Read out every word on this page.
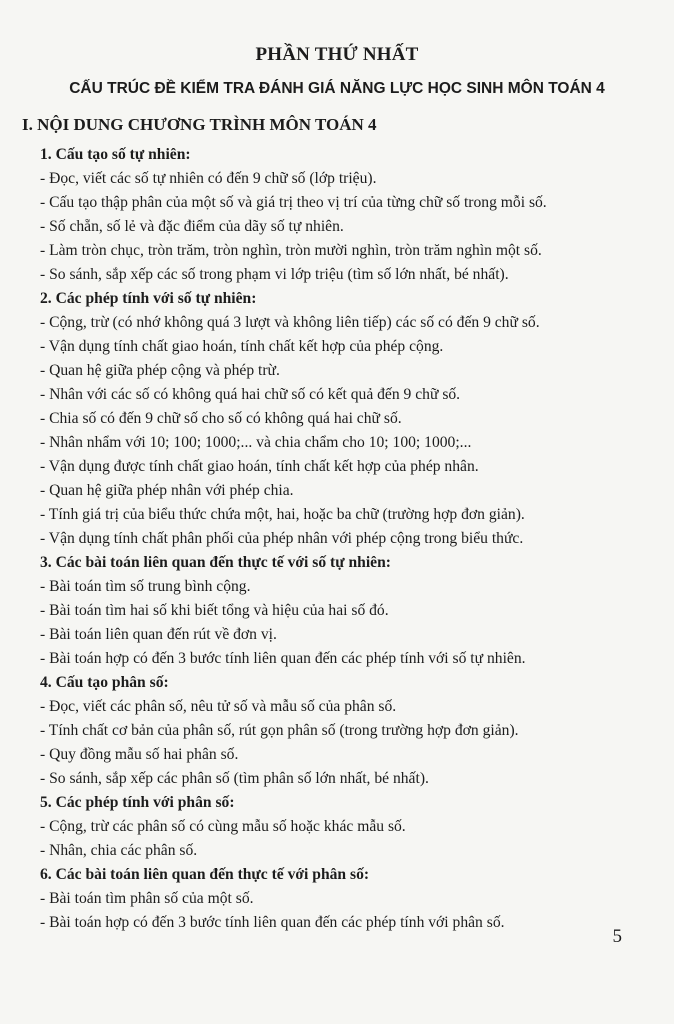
PHẦN THỨ NHẤT
CẤU TRÚC ĐỀ KIỂM TRA ĐÁNH GIÁ NĂNG LỰC HỌC SINH MÔN TOÁN 4
I. NỘI DUNG CHƯƠNG TRÌNH MÔN TOÁN 4
1. Cấu tạo số tự nhiên:
- Đọc, viết các số tự nhiên có đến 9 chữ số (lớp triệu).
- Cấu tạo thập phân của một số và giá trị theo vị trí của từng chữ số trong mỗi số.
- Số chẵn, số lẻ và đặc điểm của dãy số tự nhiên.
- Làm tròn chục, tròn trăm, tròn nghìn, tròn mười nghìn, tròn trăm nghìn một số.
- So sánh, sắp xếp các số trong phạm vi lớp triệu (tìm số lớn nhất, bé nhất).
2. Các phép tính với số tự nhiên:
- Cộng, trừ (có nhớ không quá 3 lượt và không liên tiếp) các số có đến 9 chữ số.
- Vận dụng tính chất giao hoán, tính chất kết hợp của phép cộng.
- Quan hệ giữa phép cộng và phép trừ.
- Nhân với các số có không quá hai chữ số có kết quả đến 9 chữ số.
- Chia số có đến 9 chữ số cho số có không quá hai chữ số.
- Nhân nhẩm với 10; 100; 1000;... và chia chẩm cho 10; 100; 1000;...
- Vận dụng được tính chất giao hoán, tính chất kết hợp của phép nhân.
- Quan hệ giữa phép nhân với phép chia.
- Tính giá trị của biểu thức chứa một, hai, hoặc ba chữ (trường hợp đơn giản).
- Vận dụng tính chất phân phối của phép nhân với phép cộng trong biểu thức.
3. Các bài toán liên quan đến thực tế với số tự nhiên:
- Bài toán tìm số trung bình cộng.
- Bài toán tìm hai số khi biết tổng và hiệu của hai số đó.
- Bài toán liên quan đến rút về đơn vị.
- Bài toán hợp có đến 3 bước tính liên quan đến các phép tính với số tự nhiên.
4. Cấu tạo phân số:
- Đọc, viết các phân số, nêu tử số và mẫu số của phân số.
- Tính chất cơ bản của phân số, rút gọn phân số (trong trường hợp đơn giản).
- Quy đồng mẫu số hai phân số.
- So sánh, sắp xếp các phân số (tìm phân số lớn nhất, bé nhất).
5. Các phép tính với phân số:
- Cộng, trừ các phân số có cùng mẫu số hoặc khác mẫu số.
- Nhân, chia các phân số.
6. Các bài toán liên quan đến thực tế với phân số:
- Bài toán tìm phân số của một số.
- Bài toán hợp có đến 3 bước tính liên quan đến các phép tính với phân số.
5
